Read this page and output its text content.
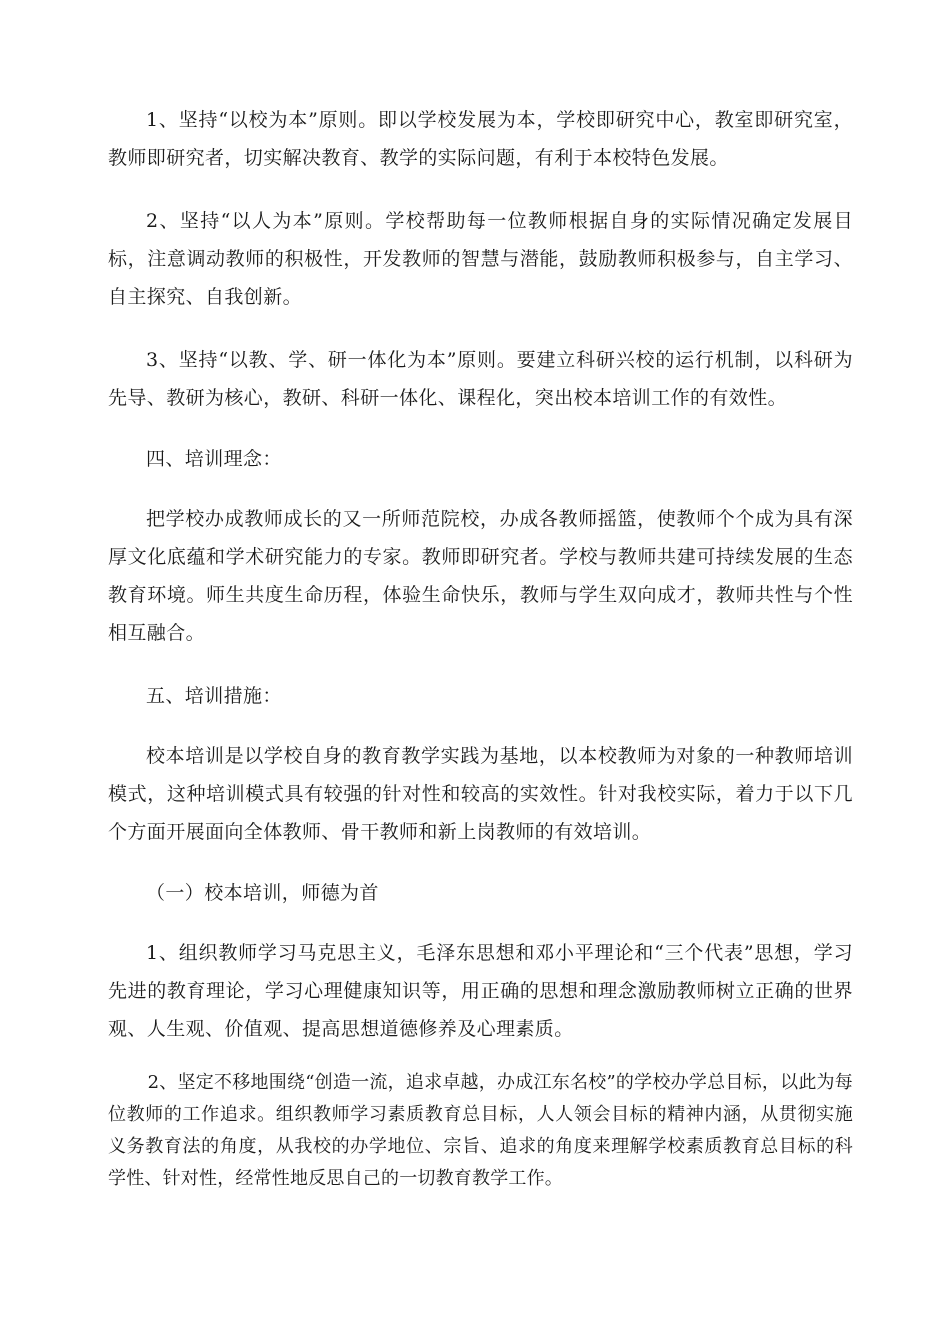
1、坚持“以校为本”原则。即以学校发展为本，学校即研究中心，教室即研究室，教师即研究者，切实解决教育、教学的实际问题，有利于本校特色发展。

2、坚持“以人为本”原则。学校帮助每一位教师根据自身的实际情况确定发展目标，注意调动教师的积极性，开发教师的智慧与潜能，鼓励教师积极参与，自主学习、自主探究、自我创新。

3、坚持“以教、学、研一体化为本”原则。要建立科研兴校的运行机制，以科研为先导、教研为核心，教研、科研一体化、课程化，突出校本培训工作的有效性。

四、培训理念：

把学校办成教师成长的又一所师范院校，办成各教师摇篮，使教师个个成为具有深厚文化底蕴和学术研究能力的专家。教师即研究者。学校与教师共建可持续发展的生态教育环境。师生共度生命历程，体验生命快乐，教师与学生双向成才，教师共性与个性相互融合。

五、培训措施：

校本培训是以学校自身的教育教学实践为基地，以本校教师为对象的一种教师培训模式，这种培训模式具有较强的针对性和较高的实效性。针对我校实际，着力于以下几个方面开展面向全体教师、骨干教师和新上岗教师的有效培训。

（一）校本培训，师德为首

1、组织教师学习马克思主义，毛泽东思想和邓小平理论和“三个代表”思想，学习先进的教育理论，学习心理健康知识等，用正确的思想和理念激励教师树立正确的世界观、人生观、价值观、提高思想道德修养及心理素质。

2、坚定不移地围绕“创造一流，追求卓越，办成江东名校”的学校办学总目标，以此为每位教师的工作追求。组织教师学习素质教育总目标，人人领会目标的精神内涵，从贯彻实施义务教育法的角度，从我校的办学地位、宗旨、追求的角度来理解学校素质教育总目标的科学性、针对性，经常性地反思自己的一切教育教学工作。
